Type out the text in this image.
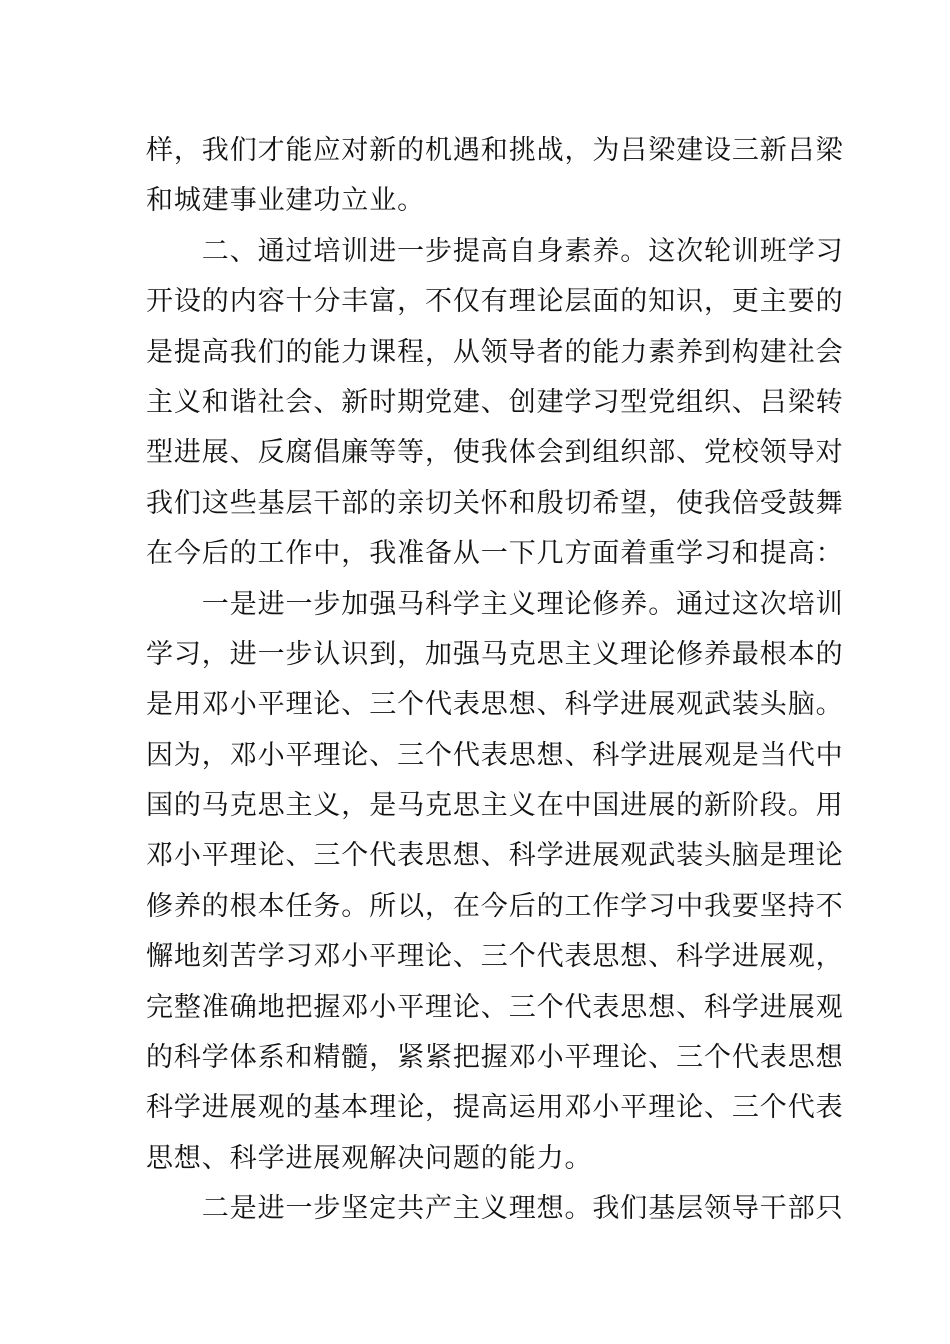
样，我们才能应对新的机遇和挑战，为吕梁建设三新吕梁
和城建事业建功立业。
　　二、通过培训进一步提高自身素养。这次轮训班学习
开设的内容十分丰富，不仅有理论层面的知识，更主要的
是提高我们的能力课程，从领导者的能力素养到构建社会
主义和谐社会、新时期党建、创建学习型党组织、吕梁转
型进展、反腐倡廉等等，使我体会到组织部、党校领导对
我们这些基层干部的亲切关怀和殷切希望，使我倍受鼓舞
在今后的工作中，我准备从一下几方面着重学习和提高：
　　一是进一步加强马科学主义理论修养。通过这次培训
学习，进一步认识到，加强马克思主义理论修养最根本的
是用邓小平理论、三个代表思想、科学进展观武装头脑。
因为，邓小平理论、三个代表思想、科学进展观是当代中
国的马克思主义，是马克思主义在中国进展的新阶段。用
邓小平理论、三个代表思想、科学进展观武装头脑是理论
修养的根本任务。所以，在今后的工作学习中我要坚持不
懈地刻苦学习邓小平理论、三个代表思想、科学进展观，
完整准确地把握邓小平理论、三个代表思想、科学进展观
的科学体系和精髓，紧紧把握邓小平理论、三个代表思想
科学进展观的基本理论，提高运用邓小平理论、三个代表
思想、科学进展观解决问题的能力。
　　二是进一步坚定共产主义理想。我们基层领导干部只
